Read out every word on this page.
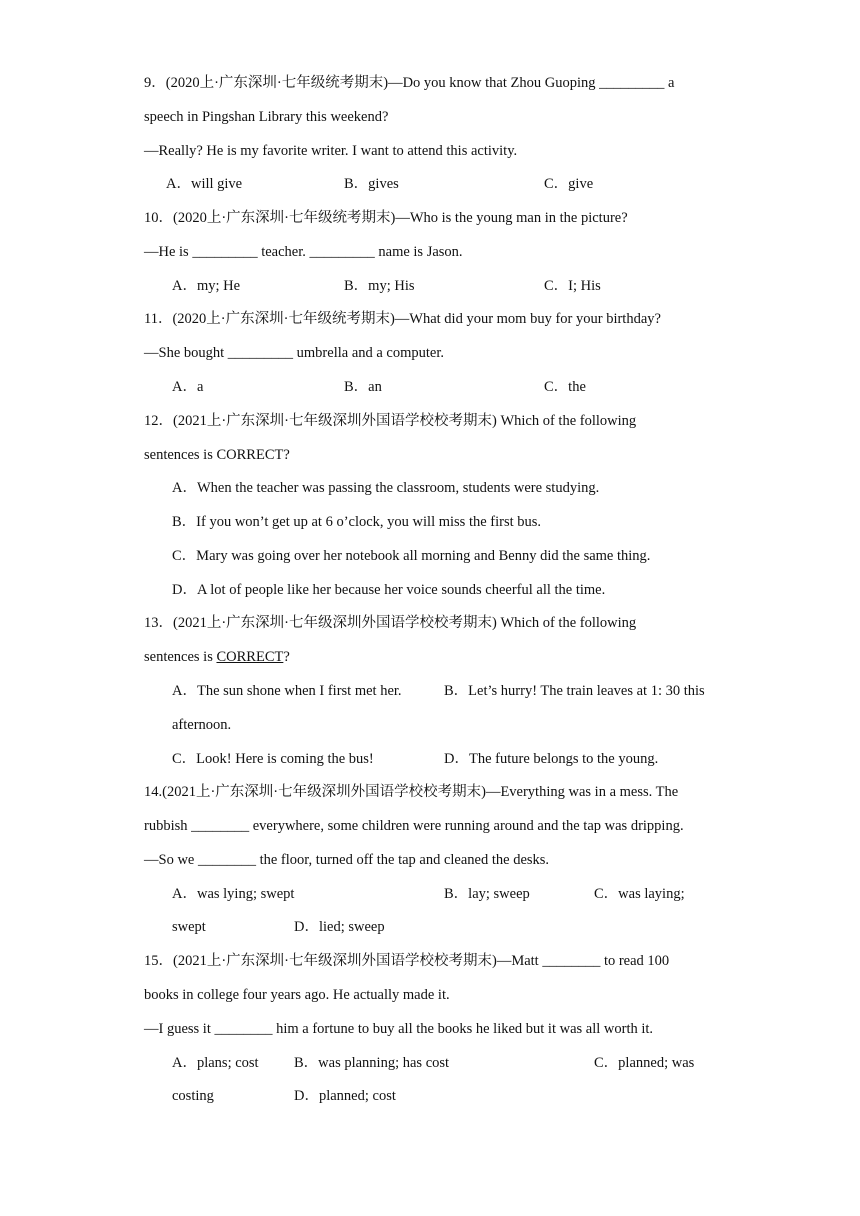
9．(2020上·广东深圳·七年级统考期末)—Do you know that Zhou Guoping _________ a
speech in Pingshan Library this weekend?
—Really? He is my favorite writer. I want to attend this activity.
A．will give	B．gives	C．give
10．(2020上·广东深圳·七年级统考期末)—Who is the young man in the picture?
—He is _________ teacher. _________ name is Jason.
A．my; He	B．my; His	C．I; His
11．(2020上·广东深圳·七年级统考期末)—What did your mom buy for your birthday?
—She bought _________ umbrella and a computer.
A．a	B．an	C．the
12．(2021上·广东深圳·七年级深圳外国语学校校考期末) Which of the following
sentences is CORRECT?
A．When the teacher was passing the classroom, students were studying.
B．If you won’t get up at 6 o’clock, you will miss the first bus.
C．Mary was going over her notebook all morning and Benny did the same thing.
D．A lot of people like her because her voice sounds cheerful all the time.
13．(2021上·广东深圳·七年级深圳外国语学校校考期末) Which of the following
sentences is CORRECT?
A．The sun shone when I first met her.	B．Let’s hurry! The train leaves at 1: 30 this
afternoon.
C．Look! Here is coming the bus!	D．The future belongs to the young.
14.(2021上·广东深圳·七年级深圳外国语学校校考期末)—Everything was in a mess. The
rubbish ________ everywhere, some children were running around and the tap was dripping.
—So we ________ the floor, turned off the tap and cleaned the desks.
A．was lying; swept	B．lay; sweep	C．was laying;
swept	D．lied; sweep
15．(2021上·广东深圳·七年级深圳外国语学校校考期末)—Matt ________ to read 100
books in college four years ago. He actually made it.
—I guess it ________ him a fortune to buy all the books he liked but it was all worth it.
A．plans; cost B．was planning; has cost	C．planned; was
costing	D．planned; cost
